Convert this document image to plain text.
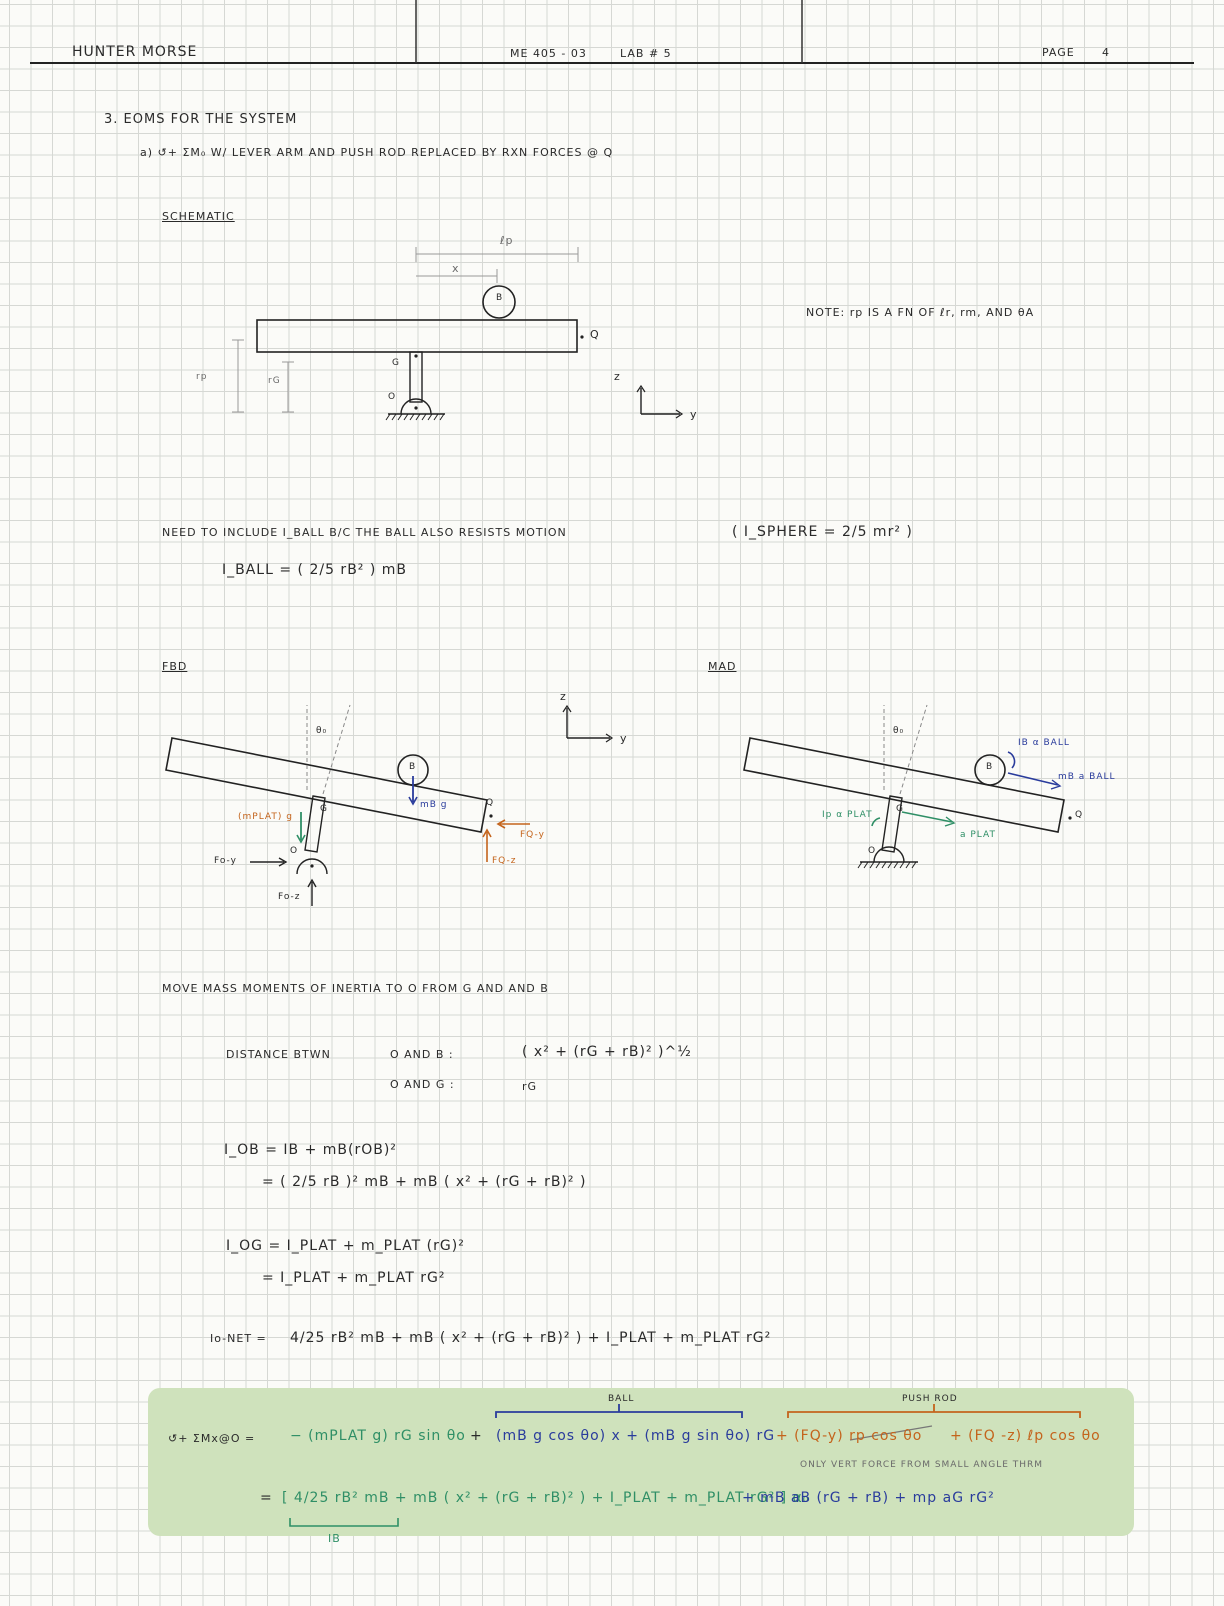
HUNTER MORSE	ME 405 - 03	LAB # 5	PAGE 4
3. EOMS FOR THE SYSTEM
a) ↺+ ΣM₀ W/ LEVER ARM AND PUSH ROD REPLACED BY RXN FORCES @ Q
SCHEMATIC
ℓp
x
B
Q
G
O
rp	rG	z
y
NOTE: rp IS A FN OF ℓr, rm, AND θA
NEED TO INCLUDE I_BALL B/C THE BALL ALSO RESISTS MOTION	( I_SPHERE = 2/5 mr² )
I_BALL = ( 2/5 rB² ) mB
FBD
θ₀
mB g
(mPLAT) g
G
O
B
Q
Fo-y
Fo-z
FQ-y
FQ-z
z
y
MAD
θ₀
IB α BALL
mB a BALL
Ip α PLAT
a PLAT
G
O
B
Q
MOVE MASS MOMENTS OF INERTIA TO O FROM G AND AND B
DISTANCE BTWN	O AND B :	( x² + (rG + rB)² )^½
O AND G :	rG
I_OB = IB + mB(rOB)²
= ( 2/5 rB )² mB + mB ( x² + (rG + rB)² )
I_OG = I_PLAT + m_PLAT (rG)²
= I_PLAT + m_PLAT rG²
Io-NET = 4/25 rB² mB + mB ( x² + (rG + rB)² ) + I_PLAT + m_PLAT rG²
BALL	PUSH ROD
↺+ ΣMx@O = − (mPLAT g) rG sin θo + (mB g cos θo) x + (mB g sin θo) rG + (FQ-y) rp cos θo + (FQ -z) ℓp cos θo
ONLY VERT FORCE FROM SMALL ANGLE THRM
= [ 4/25 rB² mB + mB ( x² + (rG + rB)² ) + I_PLAT + m_PLAT rG² ] α₀
+ mB aB (rG + rB) + mp aG rG²
IB
